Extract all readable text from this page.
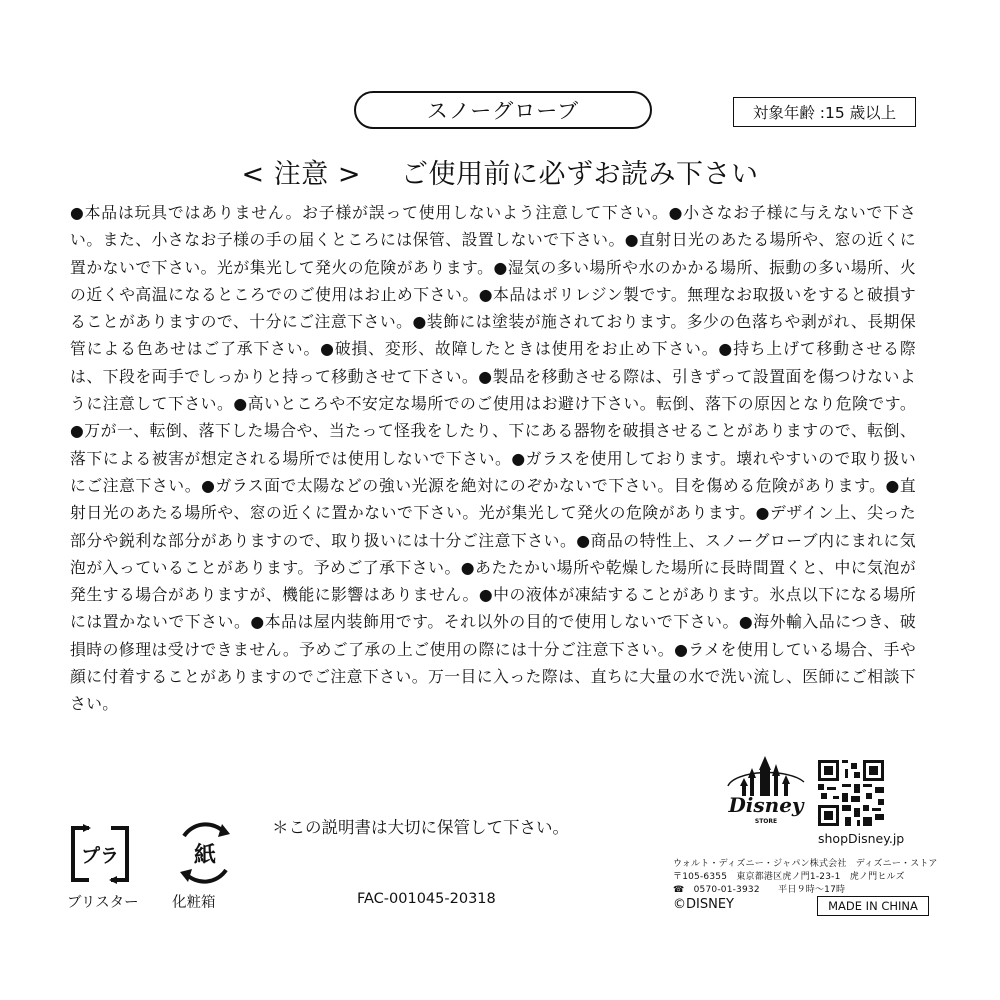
スノーグローブ	対象年齢 :15 歳以上
< 注意 > ご使用前に必ずお読み下さい

●本品は玩具ではありません。お子様が誤って使用しないよう注意して下さい。●小さなお子様に与えないで下さい。また、小さなお子様の手の届くところには保管、設置しないで下さい。●直射日光のあたる場所や、窓の近くに置かないで下さい。光が集光して発火の危険があります。●湿気の多い場所や水のかかる場所、振動の多い場所、火の近くや高温になるところでのご使用はお止め下さい。●本品はポリレジン製です。無理なお取扱いをすると破損することがありますので、十分にご注意下さい。●装飾には塗装が施されております。多少の色落ちや剥がれ、長期保管による色あせはご了承下さい。●破損、変形、故障したときは使用をお止め下さい。●持ち上げて移動させる際は、下段を両手でしっかりと持って移動させて下さい。●製品を移動させる際は、引きずって設置面を傷つけないように注意して下さい。●高いところや不安定な場所でのご使用はお避け下さい。転倒、落下の原因となり危険です。●万が一、転倒、落下した場合や、当たって怪我をしたり、下にある器物を破損させることがありますので、転倒、落下による被害が想定される場所では使用しないで下さい。●ガラスを使用しております。壊れやすいので取り扱いにご注意下さい。●ガラス面で太陽などの強い光源を絶対にのぞかないで下さい。目を傷める危険があります。●直射日光のあたる場所や、窓の近くに置かないで下さい。光が集光して発火の危険があります。●デザイン上、尖った部分や鋭利な部分がありますので、取り扱いには十分ご注意下さい。●商品の特性上、スノーグローブ内にまれに気泡が入っていることがあります。予めご了承下さい。●あたたかい場所や乾燥した場所に長時間置くと、中に気泡が発生する場合がありますが、機能に影響はありません。●中の液体が凍結することがあります。氷点以下になる場所には置かないで下さい。●本品は屋内装飾用です。それ以外の目的で使用しないで下さい。●海外輸入品につき、破損時の修理は受けできません。予めご了承の上ご使用の際には十分ご注意下さい。●ラメを使用している場合、手や顔に付着することがありますのでご注意下さい。万一目に入った際は、直ちに大量の水で洗い流し、医師にご相談下さい。

プラ
ブリスター
紙
化粧箱
＊この説明書は大切に保管して下さい。
FAC-001045-20318
Disney
STORE
shopDisney.jp
ウォルト・ディズニー・ジャパン株式会社　ディズニー・ストア
〒105-6355　東京都港区虎ノ門1-23-1　虎ノ門ヒルズ
☎　0570-01-3932　　平日９時～17時
©DISNEY	MADE IN CHINA
